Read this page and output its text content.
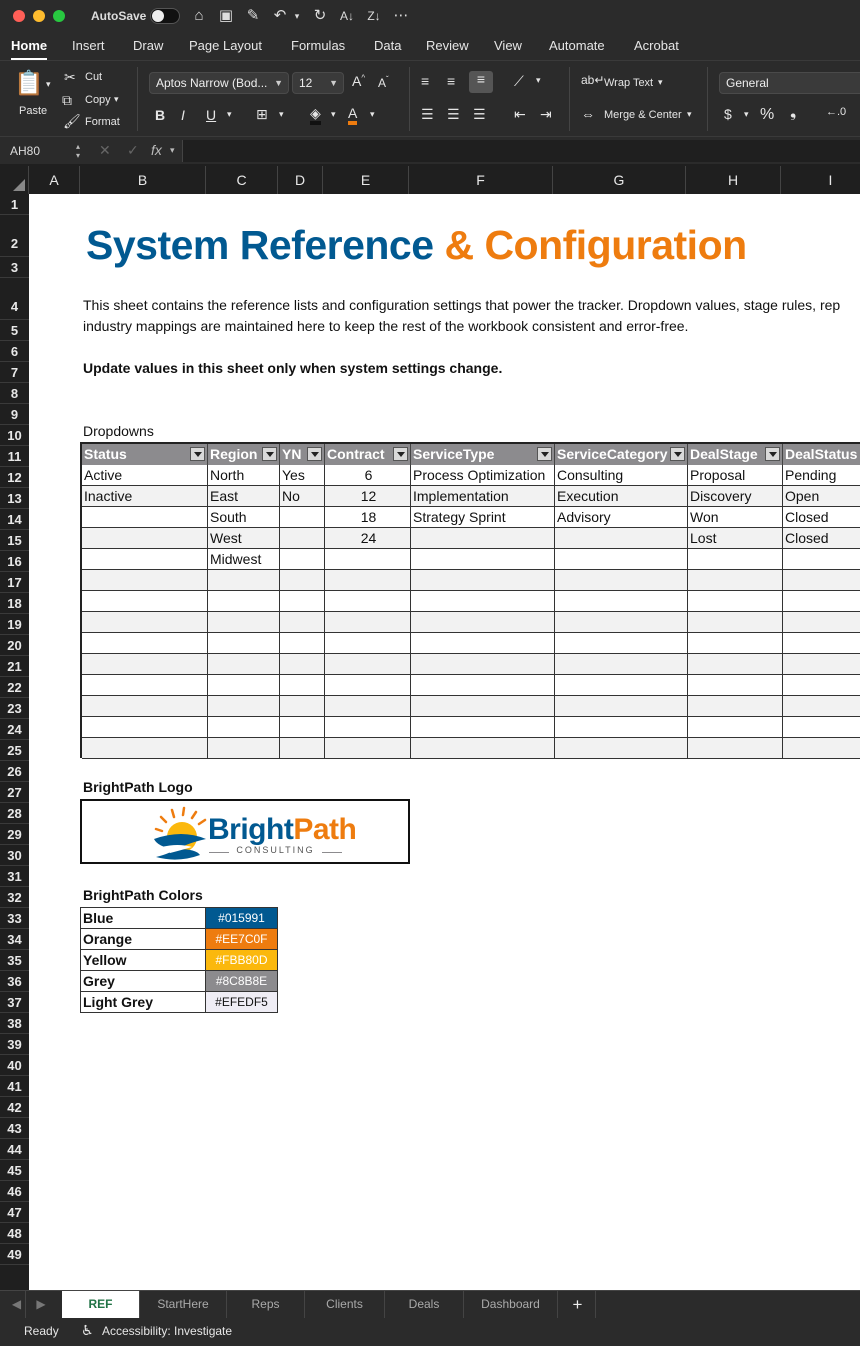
AutoSave	⌂ ▣ ✎ ↶ ▾ ↻ A↓ Z↓ ⋯
Home Insert Draw Page Layout Formulas Data Review View Automate Acrobat
📋 ▾
Paste
✂ Cut
⧉ Copy ▾
🖌 Format
Aptos Narrow (Bod... ▼	12 ▼ A^ $A^ˇ$
B I U ▾ ⊞ ▾ ◈ ▾ A ▾
≡ ≡	≡
☰ ☰ ☰
⟋ ▾
⇤ ⇥
ab↵ Wrap Text ▾
⇔ Merge & Center ▾
General
$ ▾ % ❟	←.0
AH80	▴
▾ ✕ ✓ fx ▾
A	B	C	D	E	F	G	H	I
1
2
3
4
5
6
7
8
9
10
11
12
13
14
15
16
17
18
19
20
21
22
23
24
25
26
27
28
29
30
31
32
33
34
35
36
37
38
39
40
41
42
43
44
45
46
47
48
49
System Reference & Configuration
This sheet contains the reference lists and configuration settings that power the tracker. Dropdown values, stage rules, rep
industry mappings are maintained here to keep the rest of the workbook consistent and error-free.
Update values in this sheet only when system settings change.
Dropdowns
Status	Region	YN	Contract	ServiceType	ServiceCategory	DealStage	DealStatus
Active	North	Yes	6	Process Optimization Consulting	Proposal	Pending
Inactive	East	No	12	Implementation	Execution	Discovery	Open
South	18	Strategy Sprint	Advisory	Won	Closed
West	24	Lost	Closed
Midwest
BrightPath Logo
BrightPath
CONSULTING
BrightPath Colors
Blue	#015991
Orange	#EE7C0F
Yellow	#FBB80D
Grey	#8C8B8E
Light Grey	#EFEDF5
◀	▶	REF	StartHere	Reps	Clients	Deals	Dashboard	+
Ready ♿ Accessibility: Investigate
